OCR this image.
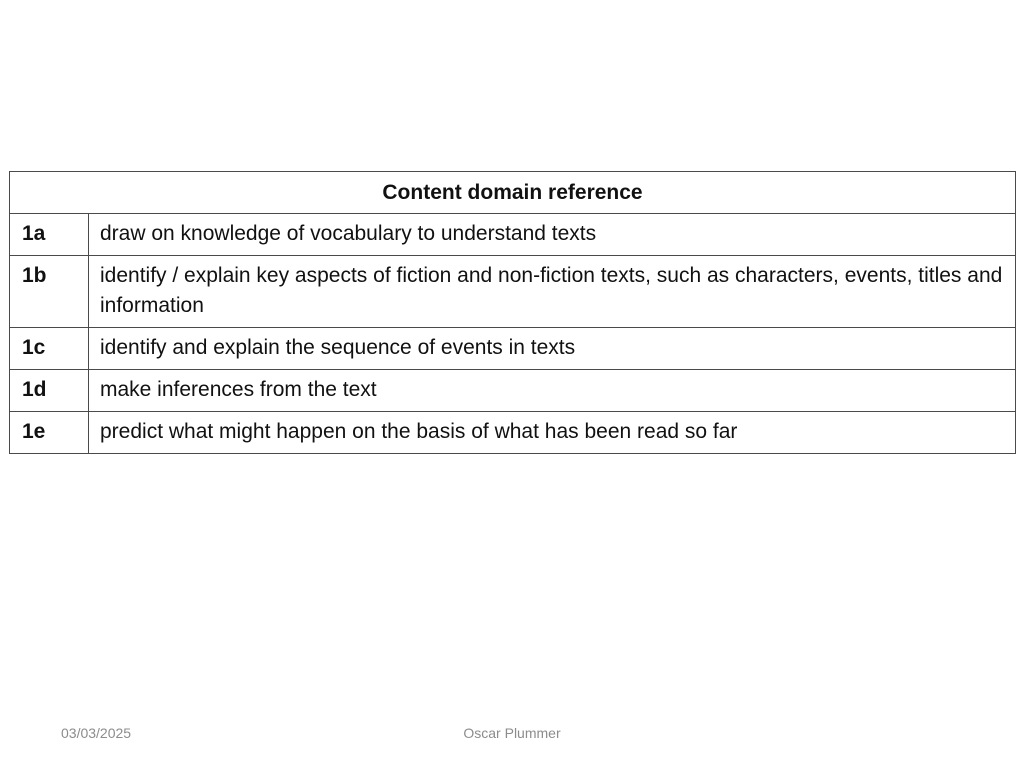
Content domain reference	
1a	draw on knowledge of vocabulary to understand texts
1b	identify / explain key aspects of fiction and non-fiction texts, such as characters, events, titles and information
1c	identify and explain the sequence of events in texts
1d	make inferences from the text
1e	predict what might happen on the basis of what has been read so far
03/03/2025	Oscar Plummer
